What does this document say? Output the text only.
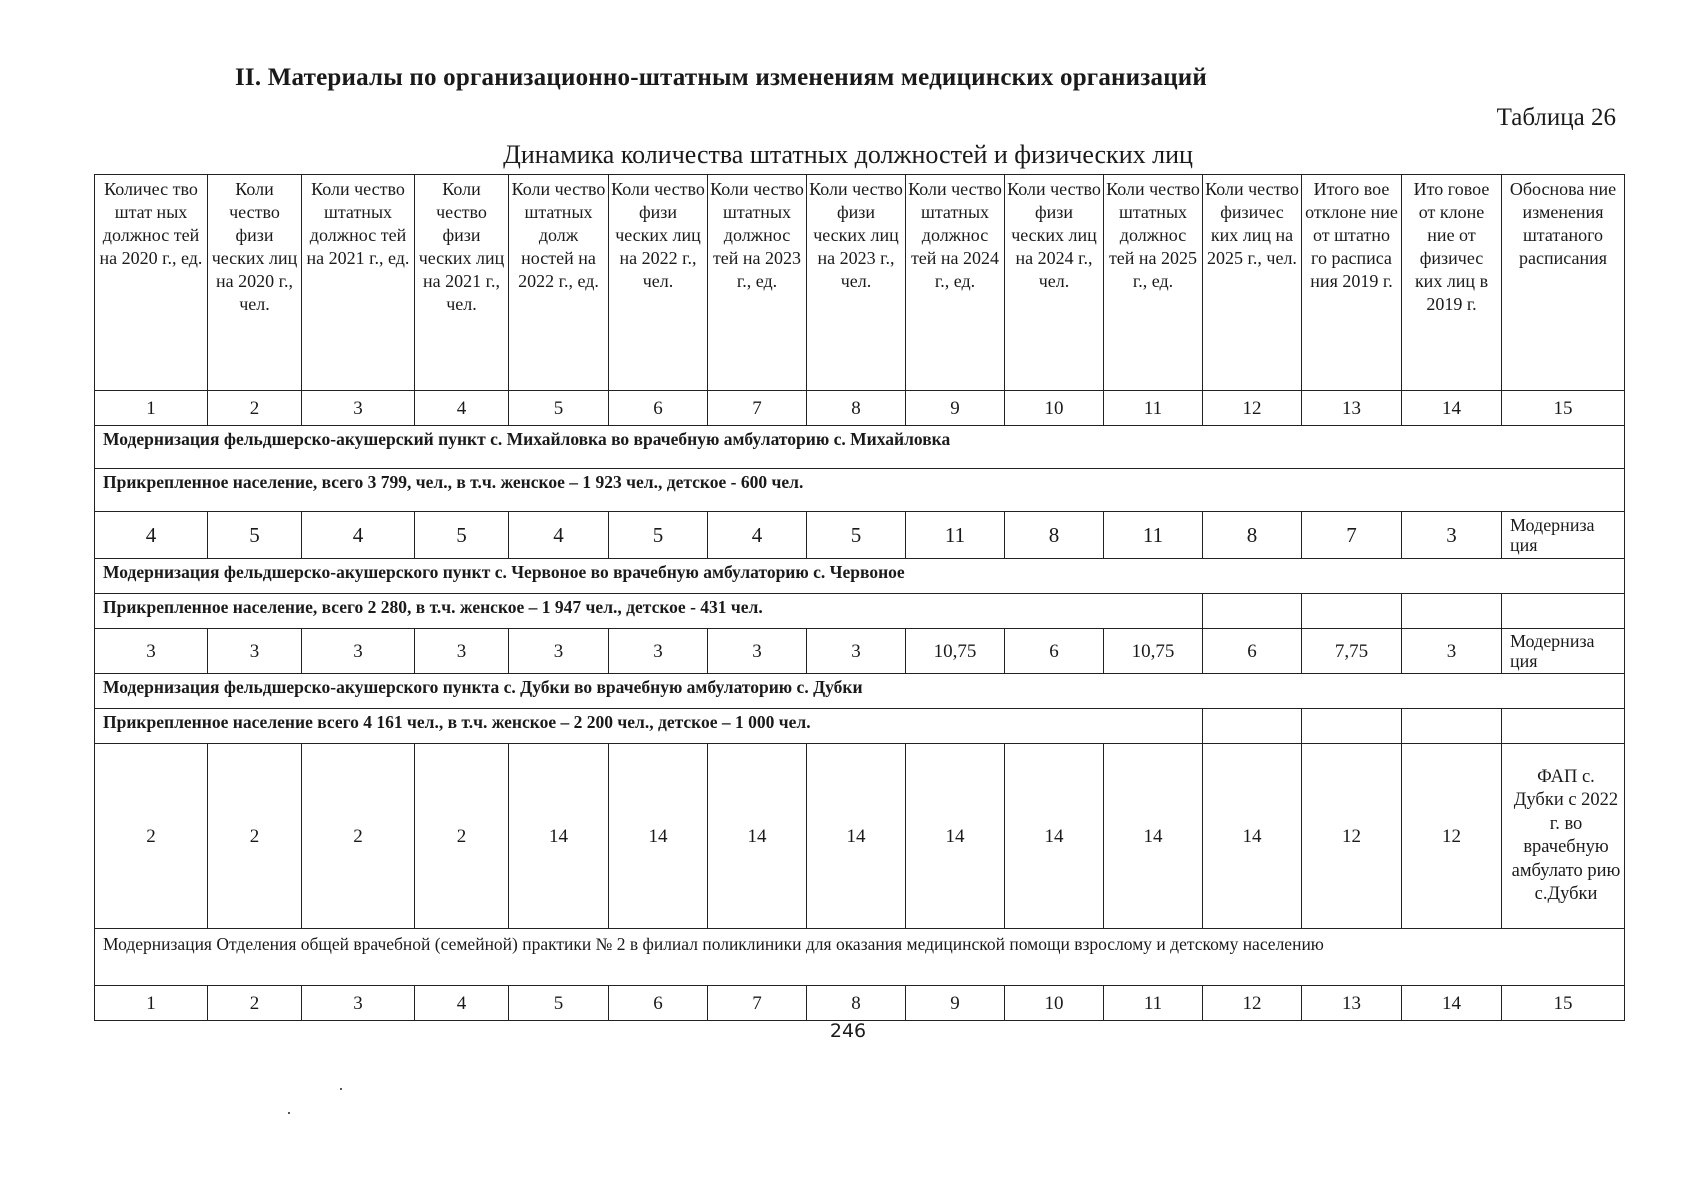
II. Материалы по организационно-штатным изменениям медицинских организаций
Таблица 26
Динамика количества штатных должностей и физических лиц
Количес тво штат ных должнос тей на 2020 г., ед.	Коли чество физи ческих лиц на 2020 г., чел.	Коли чество штатных должнос тей на 2021 г., ед.	Коли чество физи ческих лиц на 2021 г., чел.	Коли чество штатных долж ностей на 2022 г., ед.	Коли чество физи ческих лиц на 2022 г., чел.	Коли чество штатных должнос тей на 2023 г., ед.	Коли чество физи ческих лиц на 2023 г., чел.	Коли чество штатных должнос тей на 2024 г., ед.	Коли чество физи ческих лиц на 2024 г., чел.	Коли чество штатных должнос тей на 2025 г., ед.	Коли чество физичес ких лиц на 2025 г., чел.	Итого вое отклоне ние от штатно го расписа ния 2019 г.	Ито говое от клоне ние от физичес ких лиц в 2019 г.	Обоснова ние изменения штатаного расписания
1	2	3	4	5	6	7	8	9	10	11	12	13	14	15
Модернизация фельдшерско-акушерский пункт с. Михайловка во врачебную амбулаторию с. Михайловка														
Прикрепленное население, всего 3 799, чел., в т.ч. женское – 1 923 чел., детское - 600 чел.														
4	5	4	5	4	5	4	5	11	8	11	8	7	3	Модерниза ция
Модернизация фельдшерско-акушерского пункт с. Червоное во врачебную амбулаторию с. Червоное														
Прикрепленное население, всего 2 280, в т.ч. женское – 1 947 чел., детское - 431 чел.														
3	3	3	3	3	3	3	3	10,75	6	10,75	6	7,75	3	Модерниза ция
Модернизация фельдшерско-акушерского пункта с. Дубки во врачебную амбулаторию с. Дубки														
Прикрепленное население всего 4 161 чел., в т.ч. женское – 2 200 чел., детское – 1 000 чел.														
2	2	2	2	14	14	14	14	14	14	14	14	12	12	ФАП с. Дубки с 2022 г. во врачебную амбулато рию с.Дубки
Модернизация Отделения общей врачебной (семейной) практики № 2 в филиал поликлиники для оказания медицинской помощи взрослому и детскому населению														
1	2	3	4	5	6	7	8	9	10	11	12	13	14	15
246
